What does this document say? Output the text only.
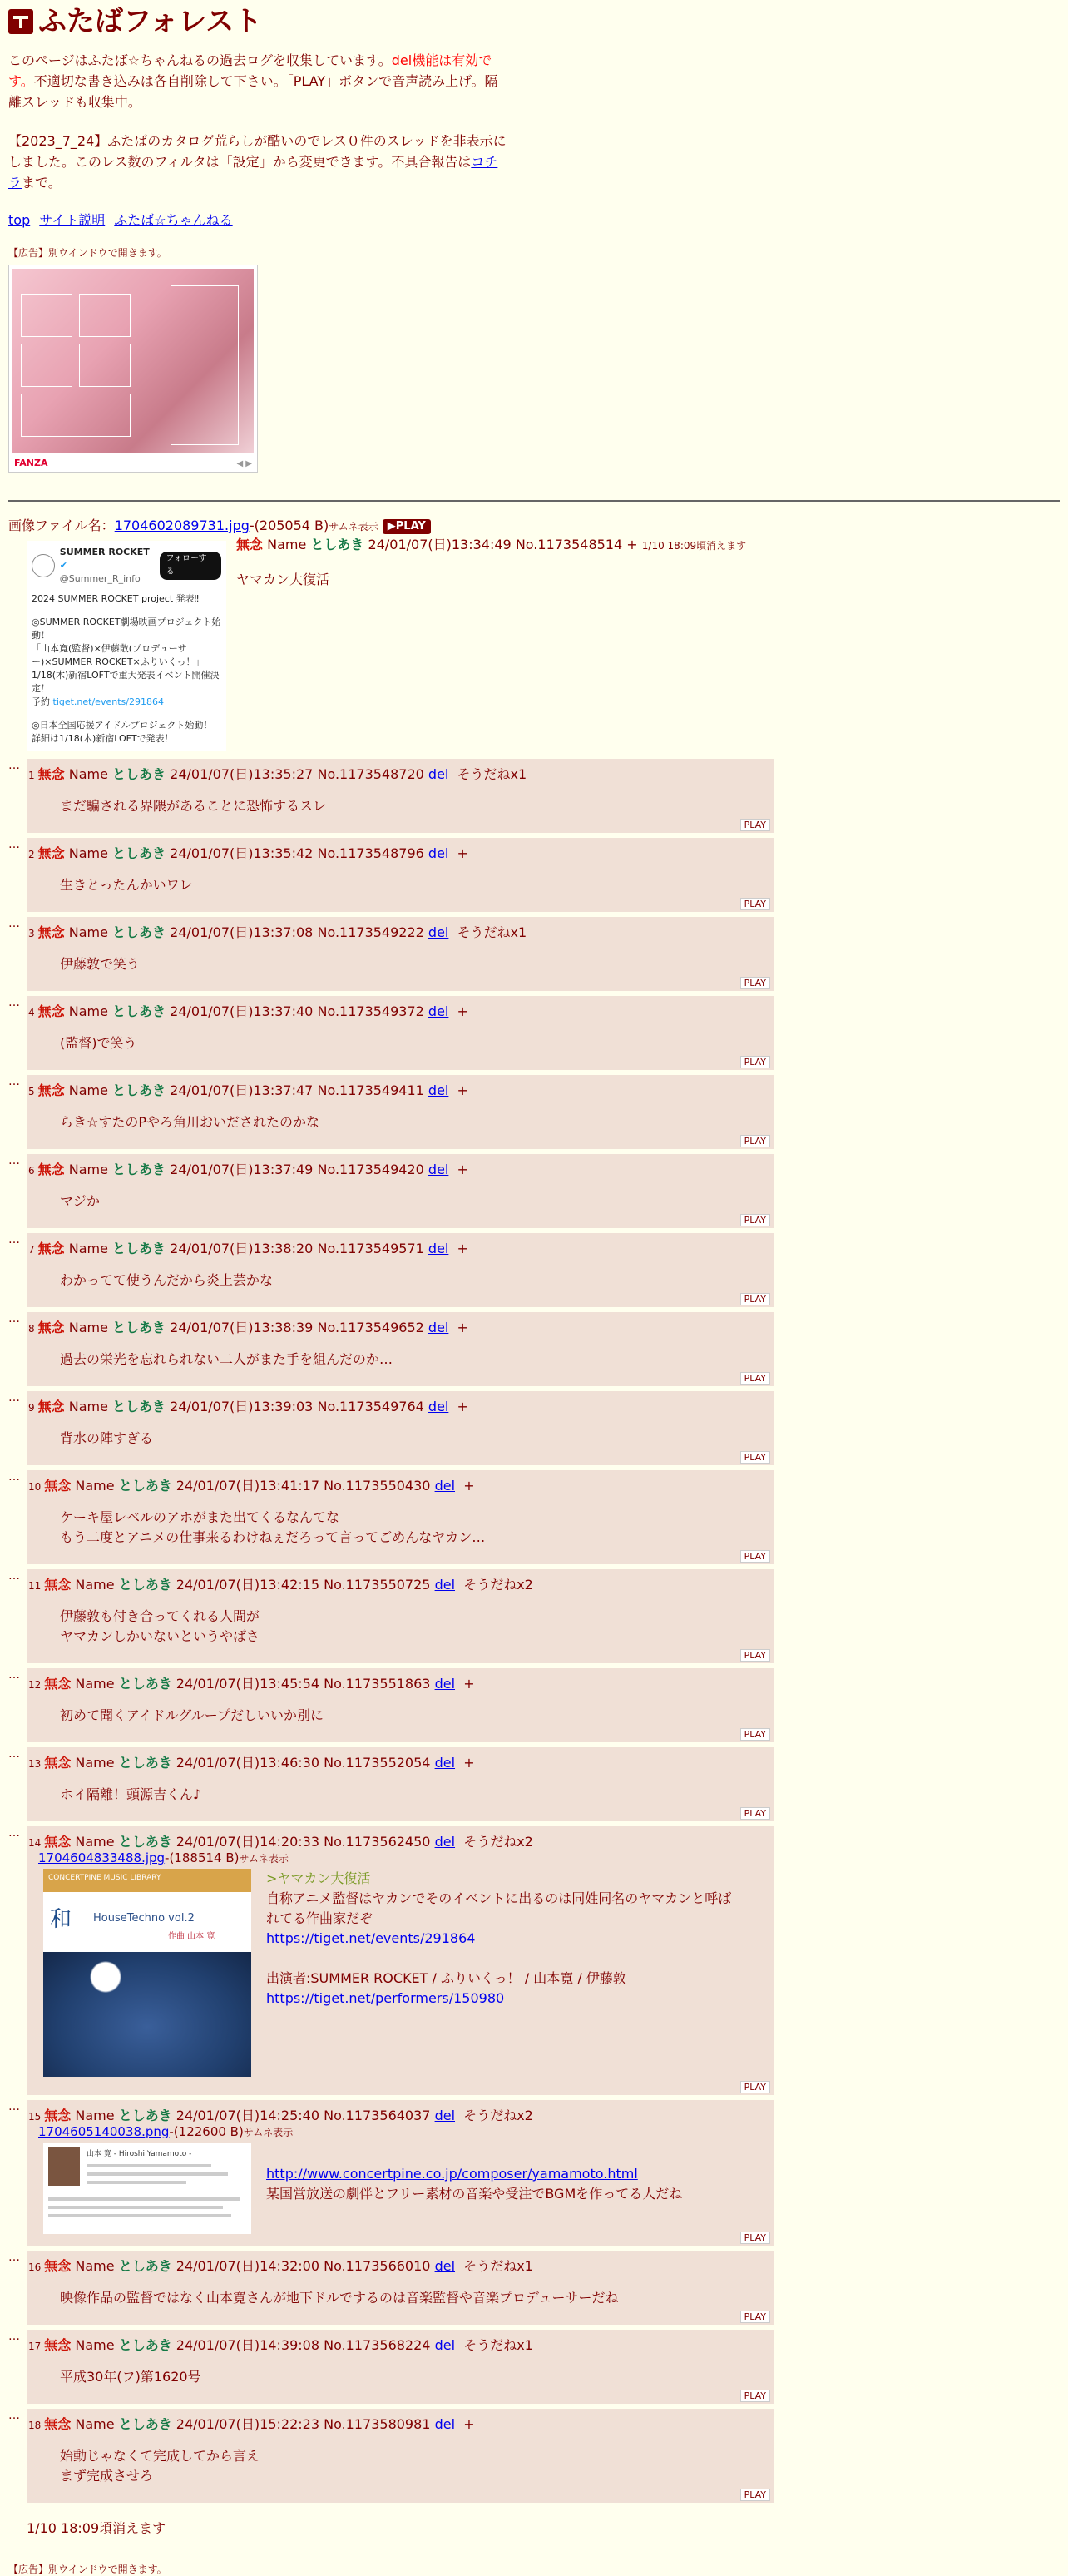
ふたばフォレスト
このページはふたば☆ちゃんねるの過去ログを収集しています。del機能は有効です。不適切な書き込みは各自削除して下さい。「PLAY」ボタンで音声読み上げ。隔離スレッドも収集中。
【2023_7_24】ふたばのカタログ荒らしが酷いのでレス０件のスレッドを非表示にしました。このレス数のフィルタは「設定」から変更できます。不具合報告はコチラまで。
top サイト説明 ふたば☆ちゃんねる
【広告】別ウインドウで開きます。
FANZA	◀ ▶
画像ファイル名：1704602089731.jpg-(205054 B)サムネ表示 ▶PLAY
SUMMER ROCKET ✔
@Summer_R_info
フォローする
2024 SUMMER ROCKET project 発表‼
◎SUMMER ROCKET劇場映画プロジェクト始動！
「山本寛(監督)×伊藤散(プロデューサー)×SUMMER ROCKET×ふりいくっ！」
1/18(木)新宿LOFTで重大発表イベント開催決定！
予約 tiget.net/events/291864
◎日本全国応援アイドルプロジェクト始動！
詳細は1/18(木)新宿LOFTで発表！
無念 Name としあき 24/01/07(日)13:34:49 No.1173548514 + 1/10 18:09頃消えます
ヤマカン大復活
…
1 無念 Name としあき 24/01/07(日)13:35:27 No.1173548720 del そうだねx1
まだ騙される界隈があることに恐怖するスレ
PLAY
…
2 無念 Name としあき 24/01/07(日)13:35:42 No.1173548796 del +
生きとったんかいワレ
PLAY
…
3 無念 Name としあき 24/01/07(日)13:37:08 No.1173549222 del そうだねx1
伊藤敦で笑う
PLAY
…
4 無念 Name としあき 24/01/07(日)13:37:40 No.1173549372 del +
(監督)で笑う
PLAY
…
5 無念 Name としあき 24/01/07(日)13:37:47 No.1173549411 del +
らき☆すたのPやろ角川おいだされたのかな
PLAY
…
6 無念 Name としあき 24/01/07(日)13:37:49 No.1173549420 del +
マジか
PLAY
…
7 無念 Name としあき 24/01/07(日)13:38:20 No.1173549571 del +
わかってて使うんだから炎上芸かな
PLAY
…
8 無念 Name としあき 24/01/07(日)13:38:39 No.1173549652 del +
過去の栄光を忘れられない二人がまた手を組んだのか…
PLAY
…
9 無念 Name としあき 24/01/07(日)13:39:03 No.1173549764 del +
背水の陣すぎる
PLAY
…
10 無念 Name としあき 24/01/07(日)13:41:17 No.1173550430 del +
ケーキ屋レベルのアホがまた出てくるなんてな
もう二度とアニメの仕事来るわけねぇだろって言ってごめんなヤカン…
PLAY
…
11 無念 Name としあき 24/01/07(日)13:42:15 No.1173550725 del そうだねx2
伊藤敦も付き合ってくれる人間が
ヤマカンしかいないというやばさ
PLAY
…
12 無念 Name としあき 24/01/07(日)13:45:54 No.1173551863 del +
初めて聞くアイドルグループだしいいか別に
PLAY
…
13 無念 Name としあき 24/01/07(日)13:46:30 No.1173552054 del +
ホイ隔離！頭源吉くん♪
PLAY
…
14 無念 Name としあき 24/01/07(日)14:20:33 No.1173562450 del そうだねx2
1704604833488.jpg-(188514 B)サムネ表示
CONCERTPINE MUSIC LIBRARY
和 HouseTechno vol.2
作曲 山本 寛
>ヤマカン大復活
自称アニメ監督はヤカンでそのイベントに出るのは同姓同名のヤマカンと呼ばれてる作曲家だぞ
https://tiget.net/events/291864
出演者:SUMMER ROCKET / ふりいくっ！ / 山本寛 / 伊藤敦
https://tiget.net/performers/150980
PLAY
…
15 無念 Name としあき 24/01/07(日)14:25:40 No.1173564037 del そうだねx2
1704605140038.png-(122600 B)サムネ表示
山本 寛 - Hiroshi Yamamoto -
http://www.concertpine.co.jp/composer/yamamoto.html
某国営放送の劇伴とフリー素材の音楽や受注でBGMを作ってる人だね
PLAY
…
16 無念 Name としあき 24/01/07(日)14:32:00 No.1173566010 del そうだねx1
映像作品の監督ではなく山本寛さんが地下ドルでするのは音楽監督や音楽プロデューサーだね
PLAY
…
17 無念 Name としあき 24/01/07(日)14:39:08 No.1173568224 del そうだねx1
平成30年(フ)第1620号
PLAY
…
18 無念 Name としあき 24/01/07(日)15:22:23 No.1173580981 del +
始動じゃなくて完成してから言え
まず完成させろ
PLAY
1/10 18:09頃消えます
【広告】別ウインドウで開きます。
